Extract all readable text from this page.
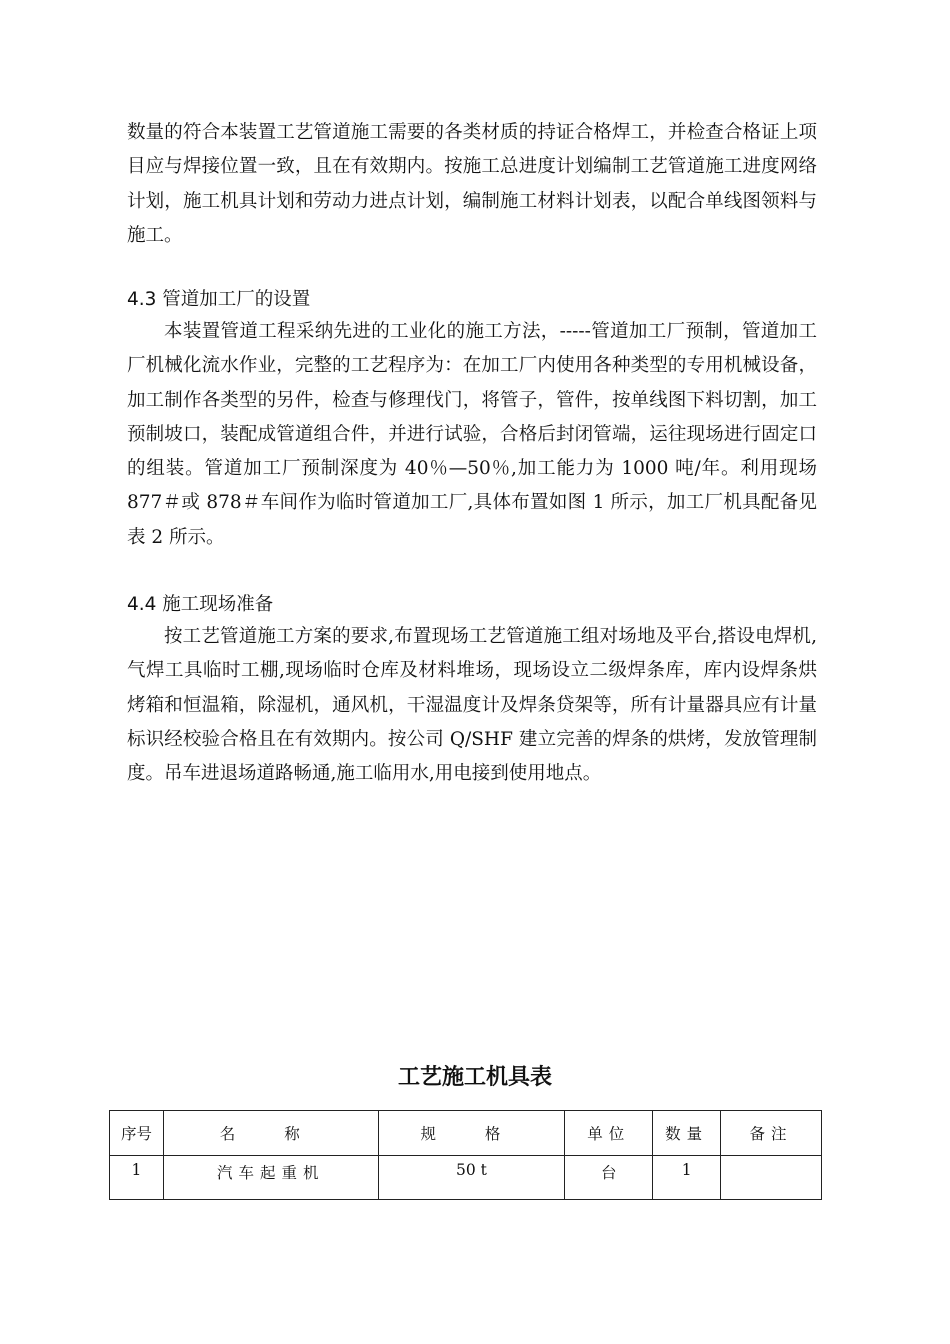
数量的符合本装置工艺管道施工需要的各类材质的持证合格焊工，并检查合格证上项目应与焊接位置一致，且在有效期内。按施工总进度计划编制工艺管道施工进度网络计划，施工机具计划和劳动力进点计划，编制施工材料计划表，以配合单线图领料与施工。

4.3 管道加工厂的设置

本装置管道工程采纳先进的工业化的施工方法，-----管道加工厂预制，管道加工厂机械化流水作业，完整的工艺程序为：在加工厂内使用各种类型的专用机械设备，加工制作各类型的另件，检查与修理伐门，将管子，管件，按单线图下料切割，加工预制坡口，装配成管道组合件，并进行试验，合格后封闭管端，运往现场进行固定口的组装。管道加工厂预制深度为 40％—50％,加工能力为 1000 吨/年。利用现场 877＃或 878＃车间作为临时管道加工厂,具体布置如图 1 所示，加工厂机具配备见表 2 所示。

4.4 施工现场准备

按工艺管道施工方案的要求,布置现场工艺管道施工组对场地及平台,搭设电焊机,气焊工具临时工棚,现场临时仓库及材料堆场，现场设立二级焊条库，库内设焊条烘烤箱和恒温箱，除湿机，通风机，干湿温度计及焊条贷架等，所有计量器具应有计量标识经校验合格且在有效期内。按公司 Q/SHF 建立完善的焊条的烘烤，发放管理制度。吊车进退场道路畅通,施工临用水,用电接到使用地点。

工艺施工机具表
序号	名 称	规 格	单位	数量	备注
1	汽车起重机	50 t	台	1	
